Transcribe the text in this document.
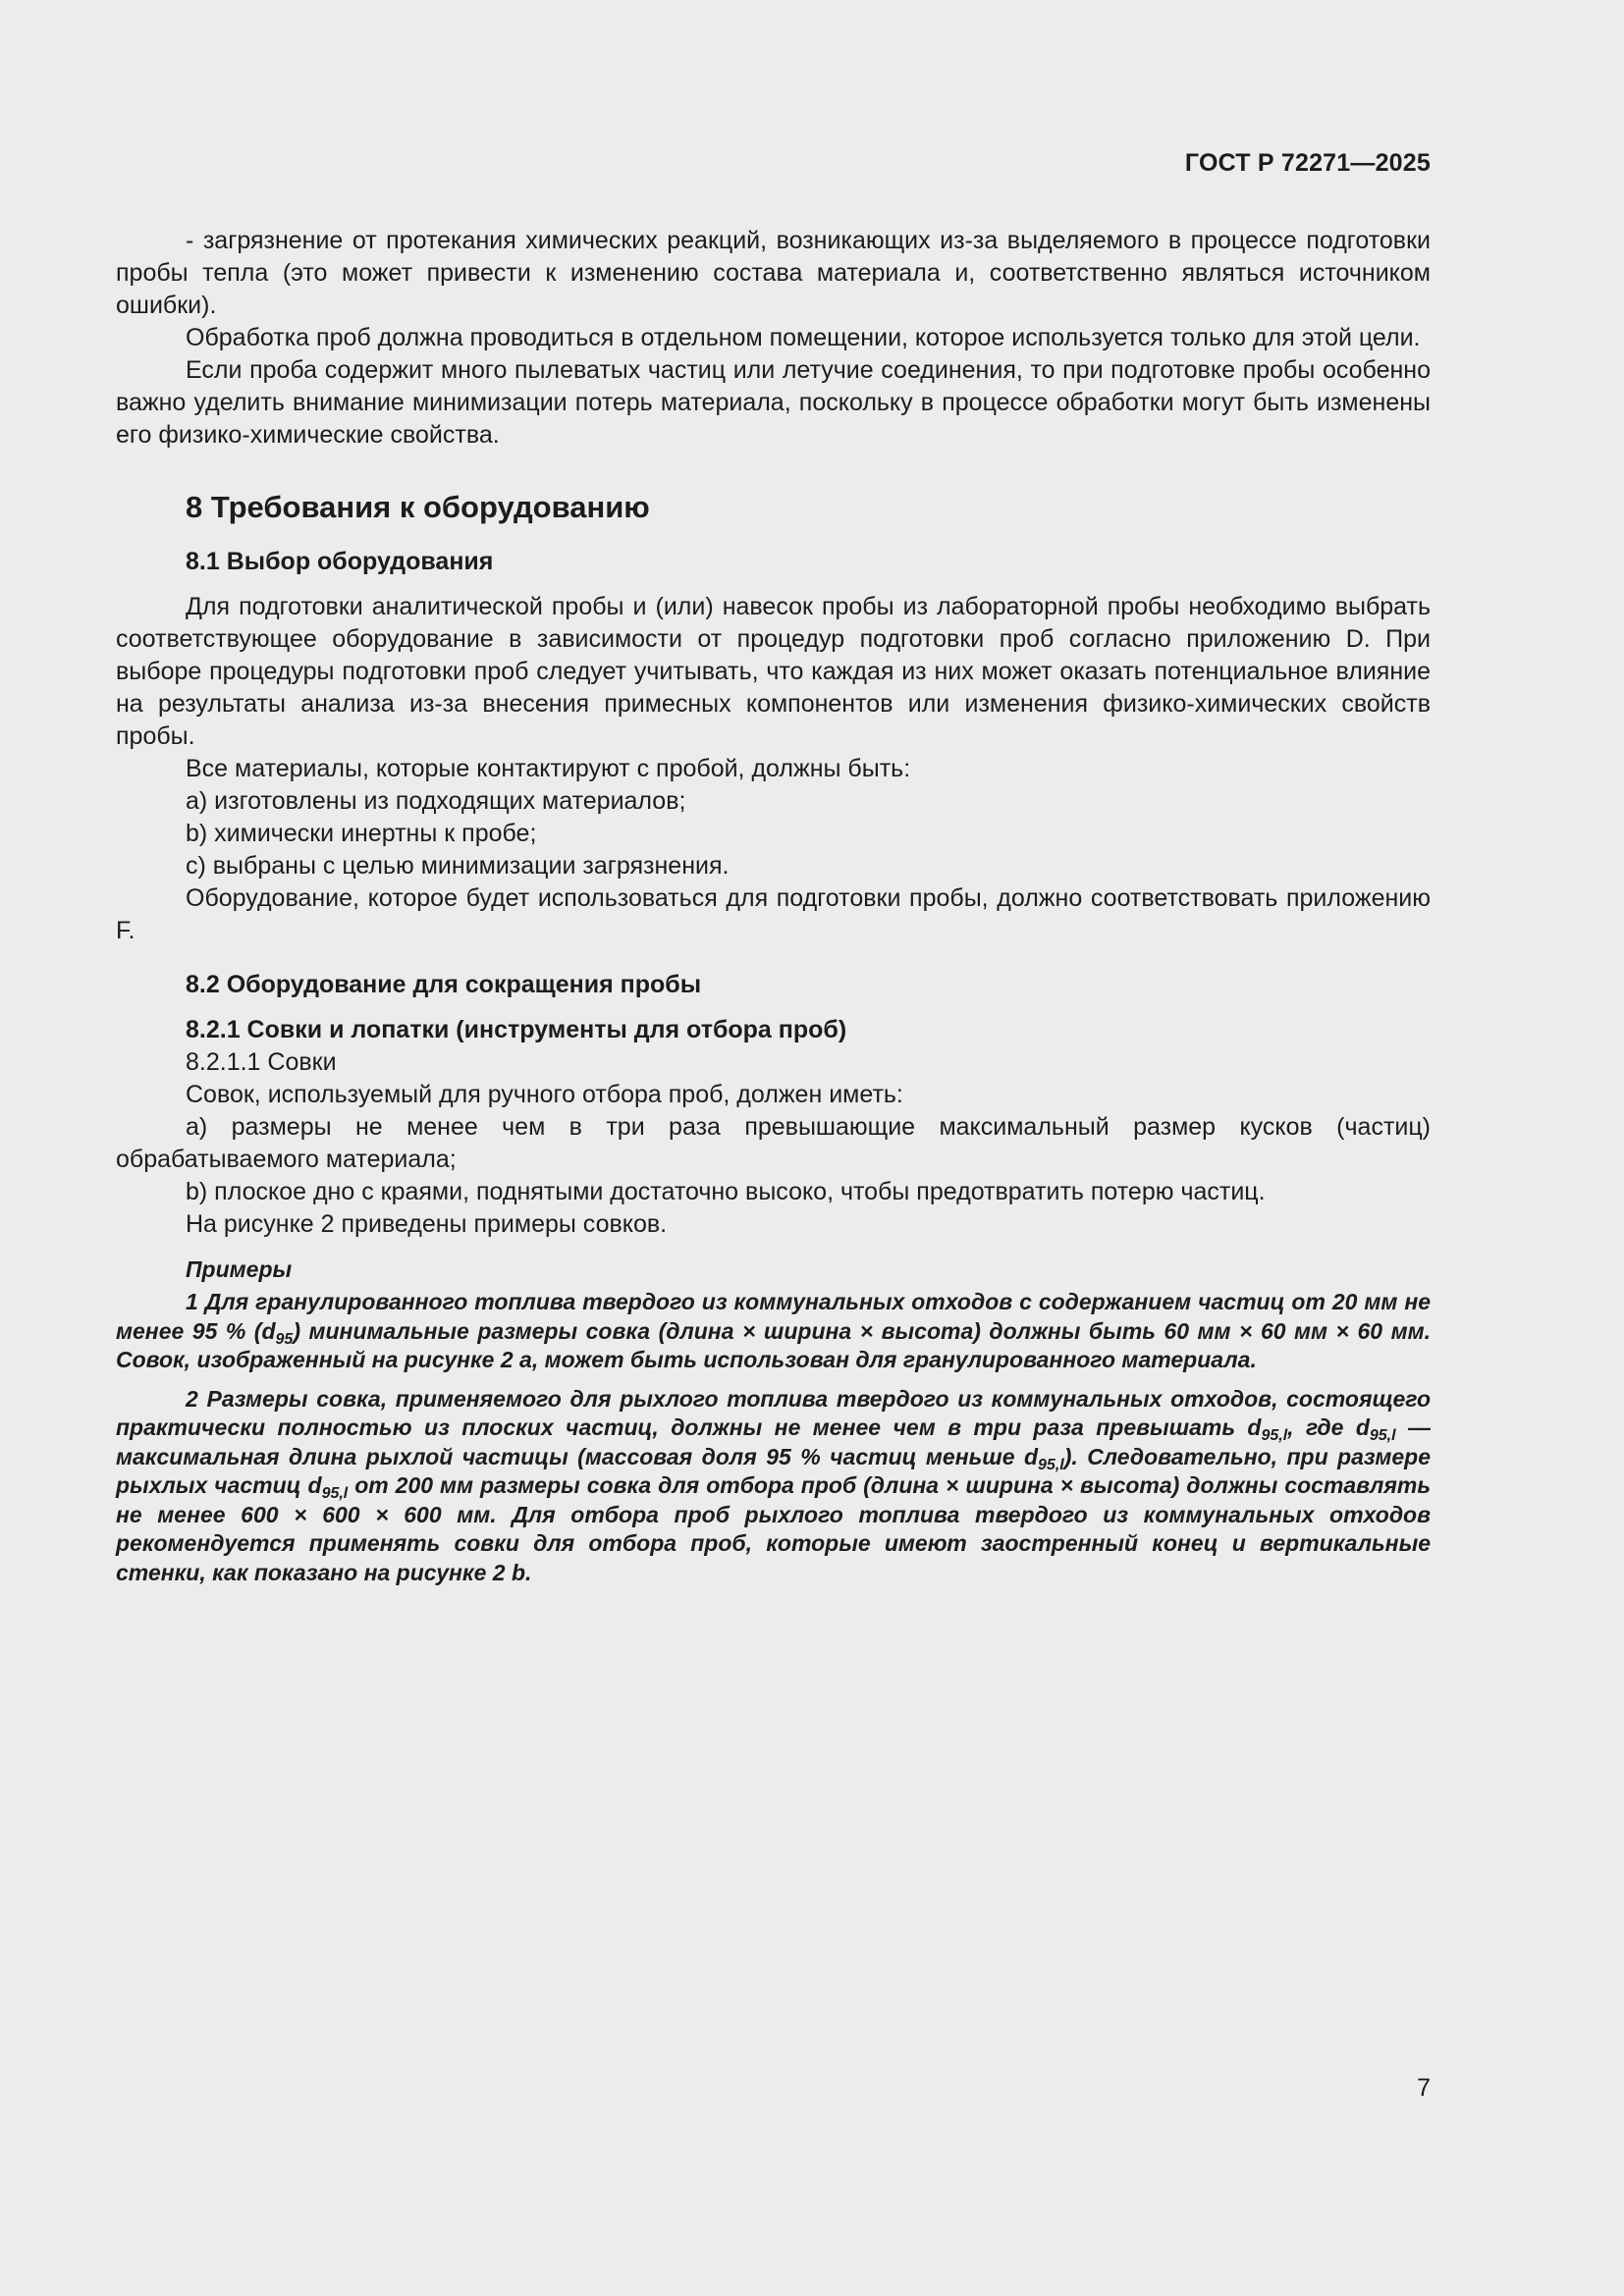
ГОСТ Р 72271—2025

- загрязнение от протекания химических реакций, возникающих из-за выделяемого в процессе подготовки пробы тепла (это может привести к изменению состава материала и, соответственно являться источником ошибки).

Обработка проб должна проводиться в отдельном помещении, которое используется только для этой цели.

Если проба содержит много пылеватых частиц или летучие соединения, то при подготовке пробы особенно важно уделить внимание минимизации потерь материала, поскольку в процессе обработки могут быть изменены его физико-химические свойства.

8 Требования к оборудованию
8.1 Выбор оборудования

Для подготовки аналитической пробы и (или) навесок пробы из лабораторной пробы необходимо выбрать соответствующее оборудование в зависимости от процедур подготовки проб согласно приложению D. При выборе процедуры подготовки проб следует учитывать, что каждая из них может оказать потенциальное влияние на результаты анализа из-за внесения примесных компонентов или изменения физико-химических свойств пробы.

Все материалы, которые контактируют с пробой, должны быть:

а) изготовлены из подходящих материалов;

b) химически инертны к пробе;

c) выбраны с целью минимизации загрязнения.

Оборудование, которое будет использоваться для подготовки пробы, должно соответствовать приложению F.

8.2 Оборудование для сокращения пробы
8.2.1 Совки и лопатки (инструменты для отбора проб)

8.2.1.1 Совки

Совок, используемый для ручного отбора проб, должен иметь:

а) размеры не менее чем в три раза превышающие максимальный размер кусков (частиц) обрабатываемого материала;

b) плоское дно с краями, поднятыми достаточно высоко, чтобы предотвратить потерю частиц.

На рисунке 2 приведены примеры совков.

Примеры

1 Для гранулированного топлива твердого из коммунальных отходов с содержанием частиц от 20 мм не менее 95 % $(d_{95})$ минимальные размеры совка (длина × ширина × высота) должны быть 60 мм × 60 мм × 60 мм. Совок, изображенный на рисунке 2 а, может быть использован для гранулированного материала.

2 Размеры совка, применяемого для рыхлого топлива твердого из коммунальных отходов, состоящего практически полностью из плоских частиц, должны не менее чем в три раза превышать $d_{95,l}$, где $d_{95,l}$ — максимальная длина рыхлой частицы (массовая доля 95 % частиц меньше $d_{95,l}$). Следовательно, при размере рыхлых частиц $d_{95,l}$ от 200 мм размеры совка для отбора проб (длина × ширина × высота) должны составлять не менее 600 × 600 × 600 мм. Для отбора проб рыхлого топлива твердого из коммунальных отходов рекомендуется применять совки для отбора проб, которые имеют заостренный конец и вертикальные стенки, как показано на рисунке 2 b.

7
